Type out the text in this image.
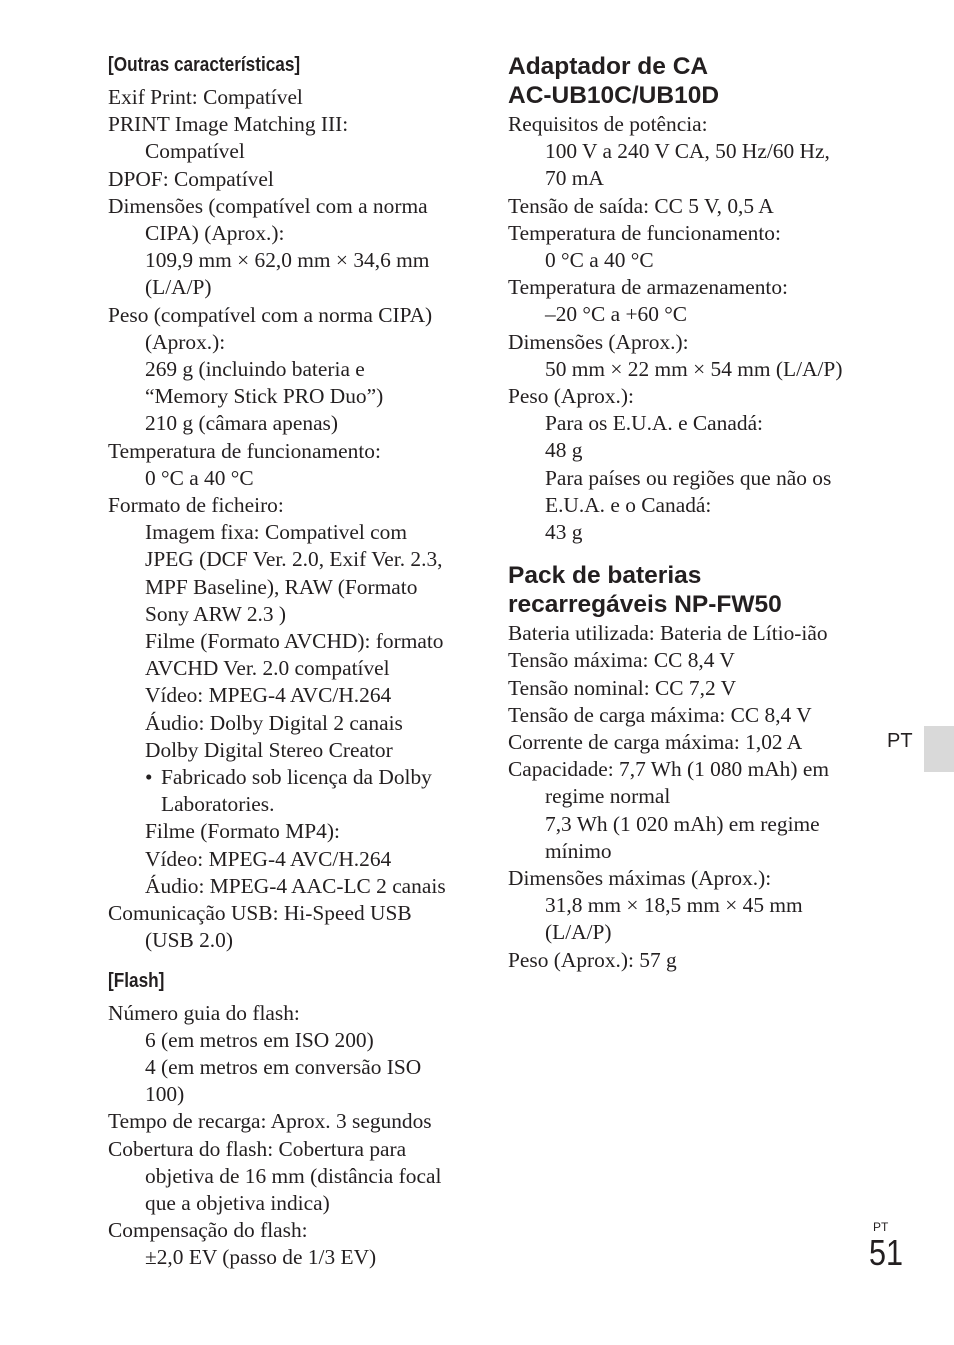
[Outras características]
Exif Print: Compatível
PRINT Image Matching III:
Compatível
DPOF: Compatível
Dimensões (compatível com a norma
CIPA) (Aprox.):
109,9 mm × 62,0 mm × 34,6 mm
(L/A/P)
Peso (compatível com a norma CIPA)
(Aprox.):
269 g (incluindo bateria e
“Memory Stick PRO Duo”)
210 g (câmara apenas)
Temperatura de funcionamento:
0 °C a 40 °C
Formato de ficheiro:
Imagem fixa: Compativel com
JPEG (DCF Ver. 2.0, Exif Ver. 2.3,
MPF Baseline), RAW (Formato
Sony ARW 2.3 )
Filme (Formato AVCHD): formato
AVCHD Ver. 2.0 compatível
Vídeo: MPEG-4 AVC/H.264
Áudio: Dolby Digital 2 canais
Dolby Digital Stereo Creator
• Fabricado sob licença da Dolby
Laboratories.
Filme (Formato MP4):
Vídeo: MPEG-4 AVC/H.264
Áudio: MPEG-4 AAC-LC 2 canais
Comunicação USB: Hi-Speed USB
(USB 2.0)
[Flash]
Número guia do flash:
6 (em metros em ISO 200)
4 (em metros em conversão ISO
100)
Tempo de recarga: Aprox. 3 segundos
Cobertura do flash: Cobertura para
objetiva de 16 mm (distância focal
que a objetiva indica)
Compensação do flash:
±2,0 EV (passo de 1/3 EV)
Adaptador de CA
AC-UB10C/UB10D
Requisitos de potência:
100 V a 240 V CA, 50 Hz/60 Hz,
70 mA
Tensão de saída: CC 5 V, 0,5 A
Temperatura de funcionamento:
0 °C a 40 °C
Temperatura de armazenamento:
–20 °C a +60 °C
Dimensões (Aprox.):
50 mm × 22 mm × 54 mm (L/A/P)
Peso (Aprox.):
Para os E.U.A. e Canadá:
48 g
Para países ou regiões que não os
E.U.A. e o Canadá:
43 g
Pack de baterias
recarregáveis NP-FW50
Bateria utilizada: Bateria de Lítio-ião
Tensão máxima: CC 8,4 V
Tensão nominal: CC 7,2 V
Tensão de carga máxima: CC 8,4 V
Corrente de carga máxima: 1,02 A
Capacidade: 7,7 Wh (1 080 mAh) em
regime normal
7,3 Wh (1 020 mAh) em regime
mínimo
Dimensões máximas (Aprox.):
31,8 mm × 18,5 mm × 45 mm
(L/A/P)
Peso (Aprox.): 57 g
PT
PT
51
